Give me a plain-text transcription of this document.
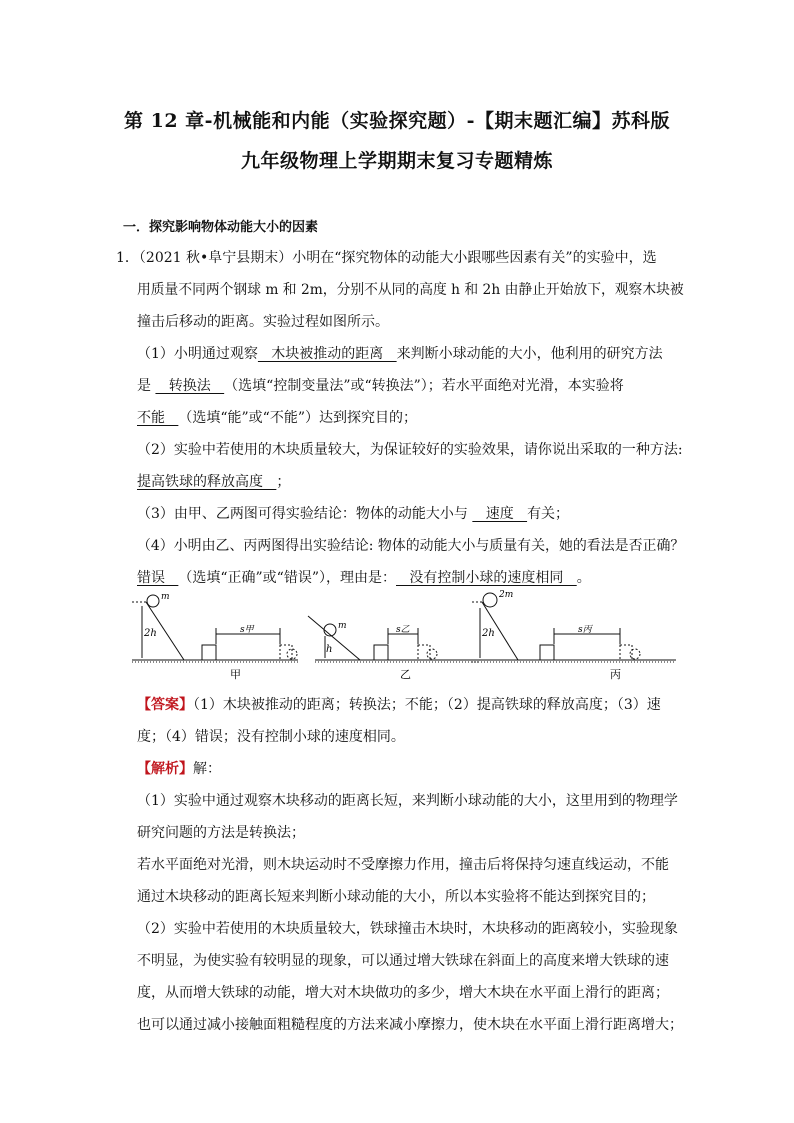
第 12 章-机械能和内能（实验探究题）-【期末题汇编】苏科版
九年级物理上学期期末复习专题精炼
一．探究影响物体动能大小的因素
1．（2021 秋•阜宁县期末）小明在“探究物体的动能大小跟哪些因素有关”的实验中，选
用质量不同两个钢球 m 和 2m，分别不从同的高度 h 和 2h 由静止开始放下，观察木块被
撞击后移动的距离。实验过程如图所示。
（1）小明通过观察   木块被推动的距离   来判断小球动能的大小，他利用的研究方法
是    转换法   （选填“控制变量法”或“转换法”）；若水平面绝对光滑，本实验将
不能   （选填“能”或“不能”）达到探究目的；
（2）实验中若使用的木块质量较大，为保证较好的实验效果，请你说出采取的一种方法:
提高铁球的释放高度   ；
（3）由甲、乙两图可得实验结论：物体的动能大小与    速度   有关；
（4）小明由乙、丙两图得出实验结论: 物体的动能大小与质量有关，她的看法是否正确？
错误   （选填“正确”或“错误”），理由是：   没有控制小球的速度相同   。
m
2h	s甲
甲
m
h
s乙
乙
2m
2h	s丙
丙
【答案】（1）木块被推动的距离；转换法；不能；（2）提高铁球的释放高度；（3）速
度；（4）错误；没有控制小球的速度相同。
【解析】解：
（1）实验中通过观察木块移动的距离长短，来判断小球动能的大小，这里用到的物理学
研究问题的方法是转换法；
若水平面绝对光滑，则木块运动时不受摩擦力作用，撞击后将保持匀速直线运动，不能
通过木块移动的距离长短来判断小球动能的大小，所以本实验将不能达到探究目的；
（2）实验中若使用的木块质量较大，铁球撞击木块时，木块移动的距离较小，实验现象
不明显，为使实验有较明显的现象，可以通过增大铁球在斜面上的高度来增大铁球的速
度，从而增大铁球的动能，增大对木块做功的多少，增大木块在水平面上滑行的距离；
也可以通过减小接触面粗糙程度的方法来减小摩擦力，使木块在水平面上滑行距离增大；
